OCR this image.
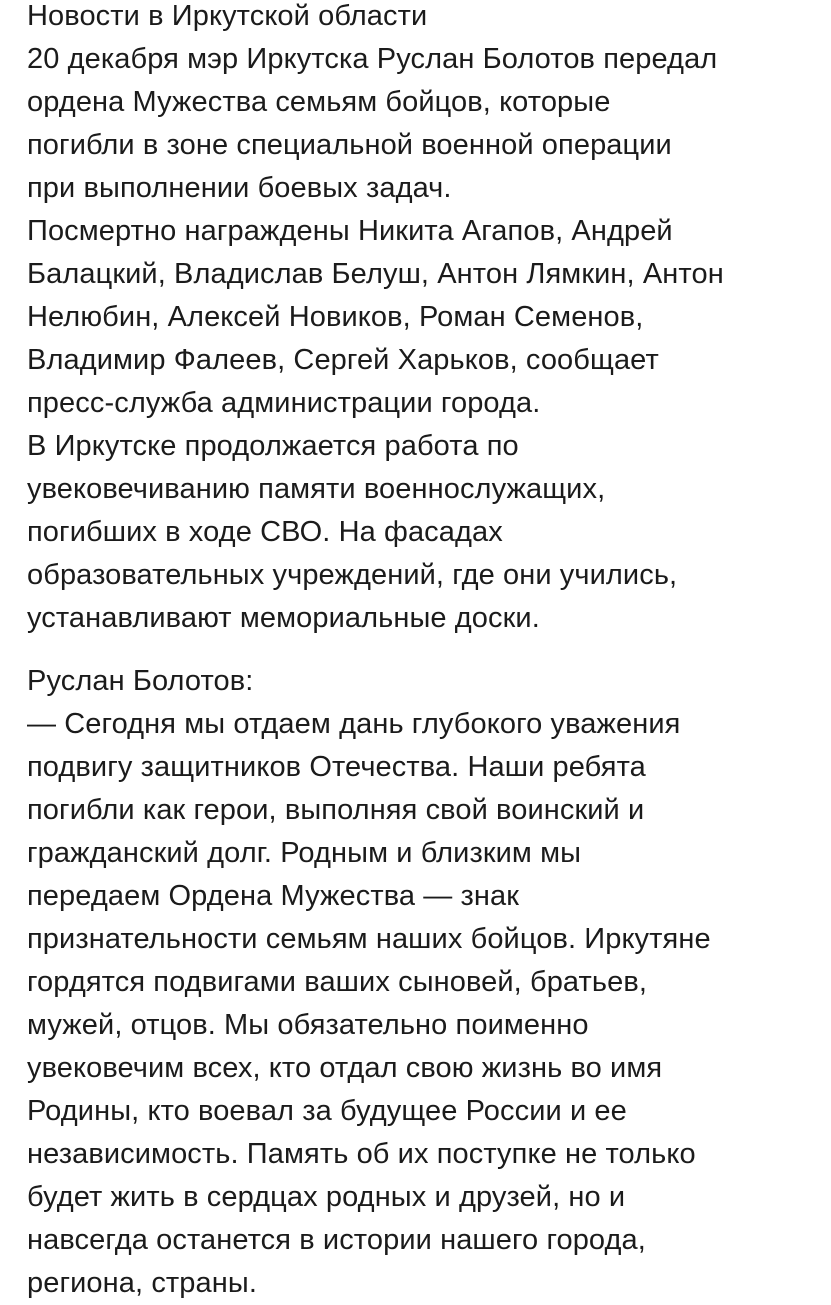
Новости в Иркутской области
20 декабря мэр Иркутска Руслан Болотов передал
ордена Мужества семьям бойцов, которые
погибли в зоне специальной военной операции
при выполнении боевых задач.
Посмертно награждены Никита Агапов, Андрей
Балацкий, Владислав Белуш, Антон Лямкин, Антон
Нелюбин, Алексей Новиков, Роман Семенов,
Владимир Фалеев, Сергей Харьков, сообщает
пресс-служба администрации города.
В Иркутске продолжается работа по
увековечиванию памяти военнослужащих,
погибших в ходе СВО. На фасадах
образовательных учреждений, где они учились,
устанавливают мемориальные доски.
Руслан Болотов:
— Сегодня мы отдаем дань глубокого уважения
подвигу защитников Отечества. Наши ребята
погибли как герои, выполняя свой воинский и
гражданский долг. Родным и близким мы
передаем Ордена Мужества — знак
признательности семьям наших бойцов. Иркутяне
гордятся подвигами ваших сыновей, братьев,
мужей, отцов. Мы обязательно поименно
увековечим всех, кто отдал свою жизнь во имя
Родины, кто воевал за будущее России и ее
независимость. Память об их поступке не только
будет жить в сердцах родных и друзей, но и
навсегда останется в истории нашего города,
региона, страны.
